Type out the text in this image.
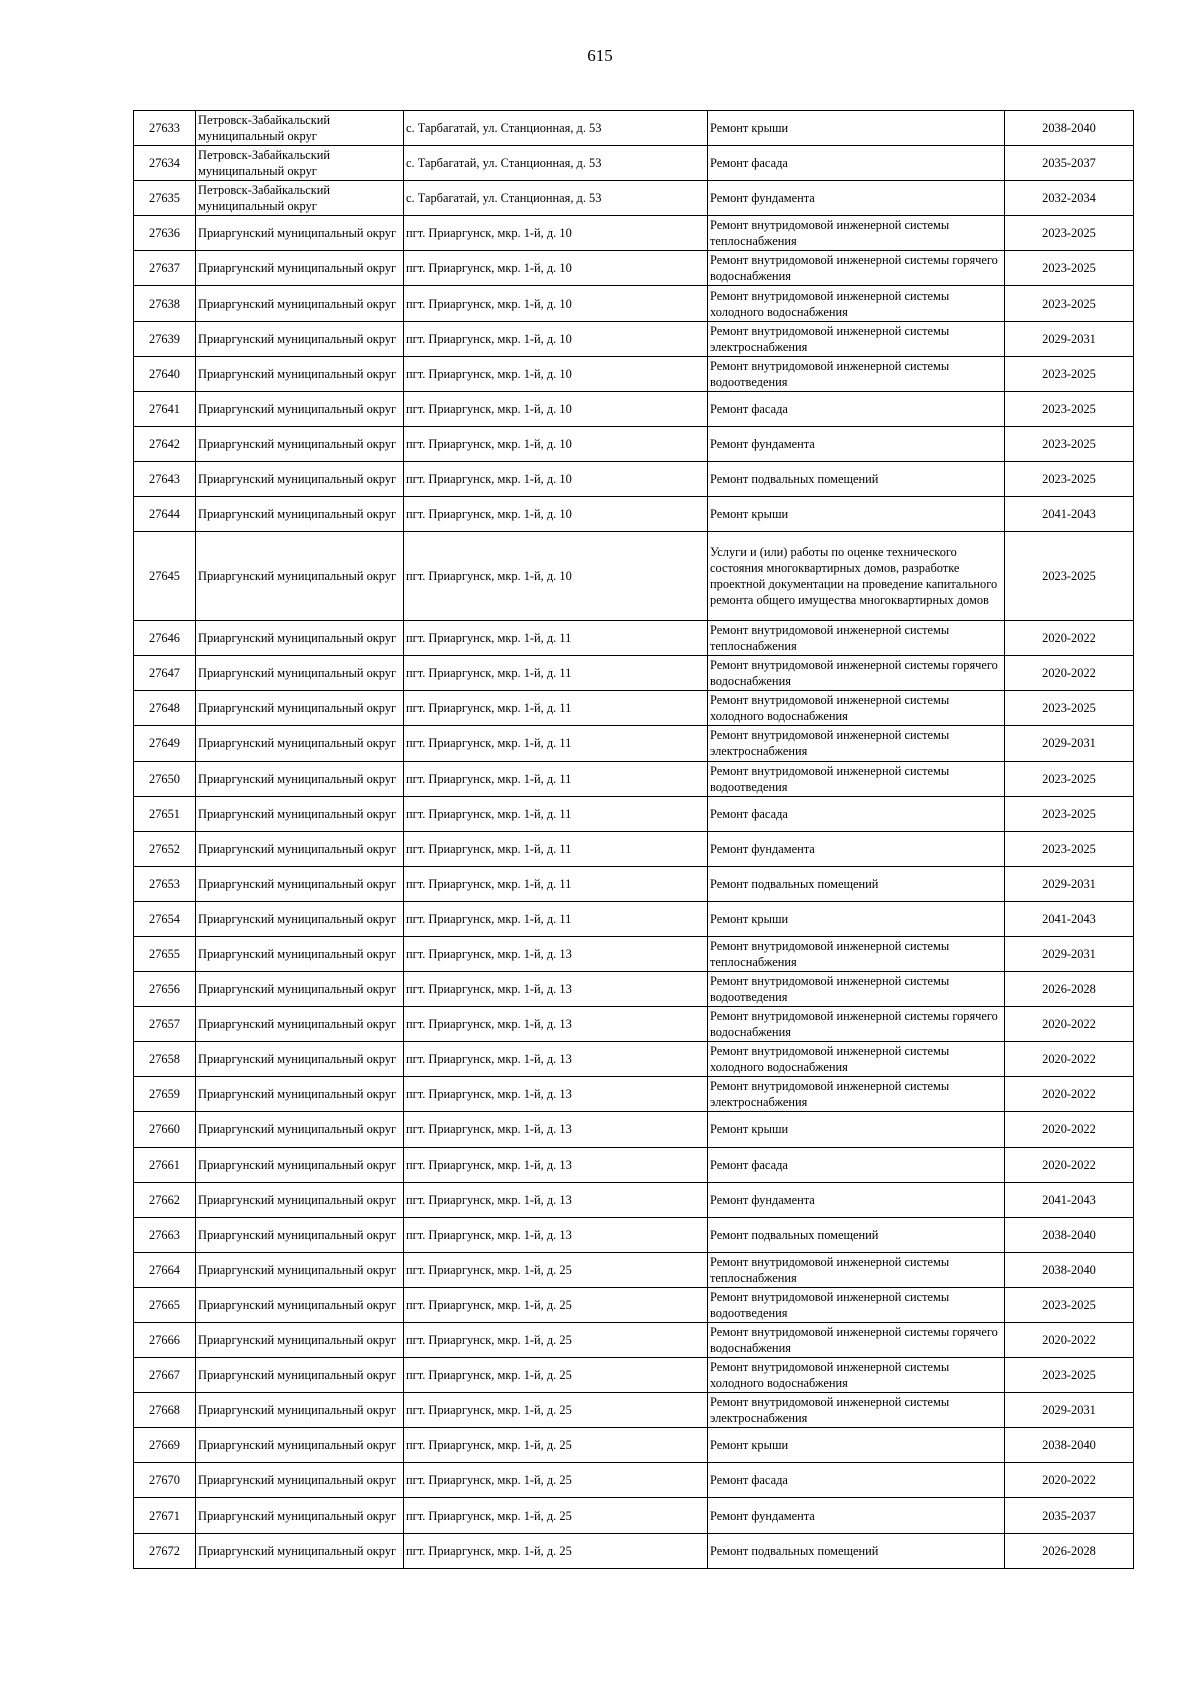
615
27633	Петровск-Забайкальский муниципальный округ	с. Тарбагатай, ул. Станционная, д. 53	Ремонт крыши	2038-2040
27634	Петровск-Забайкальский муниципальный округ	с. Тарбагатай, ул. Станционная, д. 53	Ремонт фасада	2035-2037
27635	Петровск-Забайкальский муниципальный округ	с. Тарбагатай, ул. Станционная, д. 53	Ремонт фундамента	2032-2034
27636	Приаргунский муниципальный округ	пгт. Приаргунск, мкр. 1-й, д. 10	Ремонт внутридомовой инженерной системы теплоснабжения	2023-2025
27637	Приаргунский муниципальный округ	пгт. Приаргунск, мкр. 1-й, д. 10	Ремонт внутридомовой инженерной системы горячего водоснабжения	2023-2025
27638	Приаргунский муниципальный округ	пгт. Приаргунск, мкр. 1-й, д. 10	Ремонт внутридомовой инженерной системы холодного водоснабжения	2023-2025
27639	Приаргунский муниципальный округ	пгт. Приаргунск, мкр. 1-й, д. 10	Ремонт внутридомовой инженерной системы электроснабжения	2029-2031
27640	Приаргунский муниципальный округ	пгт. Приаргунск, мкр. 1-й, д. 10	Ремонт внутридомовой инженерной системы водоотведения	2023-2025
27641	Приаргунский муниципальный округ	пгт. Приаргунск, мкр. 1-й, д. 10	Ремонт фасада	2023-2025
27642	Приаргунский муниципальный округ	пгт. Приаргунск, мкр. 1-й, д. 10	Ремонт фундамента	2023-2025
27643	Приаргунский муниципальный округ	пгт. Приаргунск, мкр. 1-й, д. 10	Ремонт подвальных помещений	2023-2025
27644	Приаргунский муниципальный округ	пгт. Приаргунск, мкр. 1-й, д. 10	Ремонт крыши	2041-2043
27645	Приаргунский муниципальный округ	пгт. Приаргунск, мкр. 1-й, д. 10	Услуги и (или) работы по оценке технического состояния многоквартирных домов, разработке проектной документации на проведение капитального ремонта общего имущества многоквартирных домов	2023-2025
27646	Приаргунский муниципальный округ	пгт. Приаргунск, мкр. 1-й, д. 11	Ремонт внутридомовой инженерной системы теплоснабжения	2020-2022
27647	Приаргунский муниципальный округ	пгт. Приаргунск, мкр. 1-й, д. 11	Ремонт внутридомовой инженерной системы горячего водоснабжения	2020-2022
27648	Приаргунский муниципальный округ	пгт. Приаргунск, мкр. 1-й, д. 11	Ремонт внутридомовой инженерной системы холодного водоснабжения	2023-2025
27649	Приаргунский муниципальный округ	пгт. Приаргунск, мкр. 1-й, д. 11	Ремонт внутридомовой инженерной системы электроснабжения	2029-2031
27650	Приаргунский муниципальный округ	пгт. Приаргунск, мкр. 1-й, д. 11	Ремонт внутридомовой инженерной системы водоотведения	2023-2025
27651	Приаргунский муниципальный округ	пгт. Приаргунск, мкр. 1-й, д. 11	Ремонт фасада	2023-2025
27652	Приаргунский муниципальный округ	пгт. Приаргунск, мкр. 1-й, д. 11	Ремонт фундамента	2023-2025
27653	Приаргунский муниципальный округ	пгт. Приаргунск, мкр. 1-й, д. 11	Ремонт подвальных помещений	2029-2031
27654	Приаргунский муниципальный округ	пгт. Приаргунск, мкр. 1-й, д. 11	Ремонт крыши	2041-2043
27655	Приаргунский муниципальный округ	пгт. Приаргунск, мкр. 1-й, д. 13	Ремонт внутридомовой инженерной системы теплоснабжения	2029-2031
27656	Приаргунский муниципальный округ	пгт. Приаргунск, мкр. 1-й, д. 13	Ремонт внутридомовой инженерной системы водоотведения	2026-2028
27657	Приаргунский муниципальный округ	пгт. Приаргунск, мкр. 1-й, д. 13	Ремонт внутридомовой инженерной системы горячего водоснабжения	2020-2022
27658	Приаргунский муниципальный округ	пгт. Приаргунск, мкр. 1-й, д. 13	Ремонт внутридомовой инженерной системы холодного водоснабжения	2020-2022
27659	Приаргунский муниципальный округ	пгт. Приаргунск, мкр. 1-й, д. 13	Ремонт внутридомовой инженерной системы электроснабжения	2020-2022
27660	Приаргунский муниципальный округ	пгт. Приаргунск, мкр. 1-й, д. 13	Ремонт крыши	2020-2022
27661	Приаргунский муниципальный округ	пгт. Приаргунск, мкр. 1-й, д. 13	Ремонт фасада	2020-2022
27662	Приаргунский муниципальный округ	пгт. Приаргунск, мкр. 1-й, д. 13	Ремонт фундамента	2041-2043
27663	Приаргунский муниципальный округ	пгт. Приаргунск, мкр. 1-й, д. 13	Ремонт подвальных помещений	2038-2040
27664	Приаргунский муниципальный округ	пгт. Приаргунск, мкр. 1-й, д. 25	Ремонт внутридомовой инженерной системы теплоснабжения	2038-2040
27665	Приаргунский муниципальный округ	пгт. Приаргунск, мкр. 1-й, д. 25	Ремонт внутридомовой инженерной системы водоотведения	2023-2025
27666	Приаргунский муниципальный округ	пгт. Приаргунск, мкр. 1-й, д. 25	Ремонт внутридомовой инженерной системы горячего водоснабжения	2020-2022
27667	Приаргунский муниципальный округ	пгт. Приаргунск, мкр. 1-й, д. 25	Ремонт внутридомовой инженерной системы холодного водоснабжения	2023-2025
27668	Приаргунский муниципальный округ	пгт. Приаргунск, мкр. 1-й, д. 25	Ремонт внутридомовой инженерной системы электроснабжения	2029-2031
27669	Приаргунский муниципальный округ	пгт. Приаргунск, мкр. 1-й, д. 25	Ремонт крыши	2038-2040
27670	Приаргунский муниципальный округ	пгт. Приаргунск, мкр. 1-й, д. 25	Ремонт фасада	2020-2022
27671	Приаргунский муниципальный округ	пгт. Приаргунск, мкр. 1-й, д. 25	Ремонт фундамента	2035-2037
27672	Приаргунский муниципальный округ	пгт. Приаргунск, мкр. 1-й, д. 25	Ремонт подвальных помещений	2026-2028
